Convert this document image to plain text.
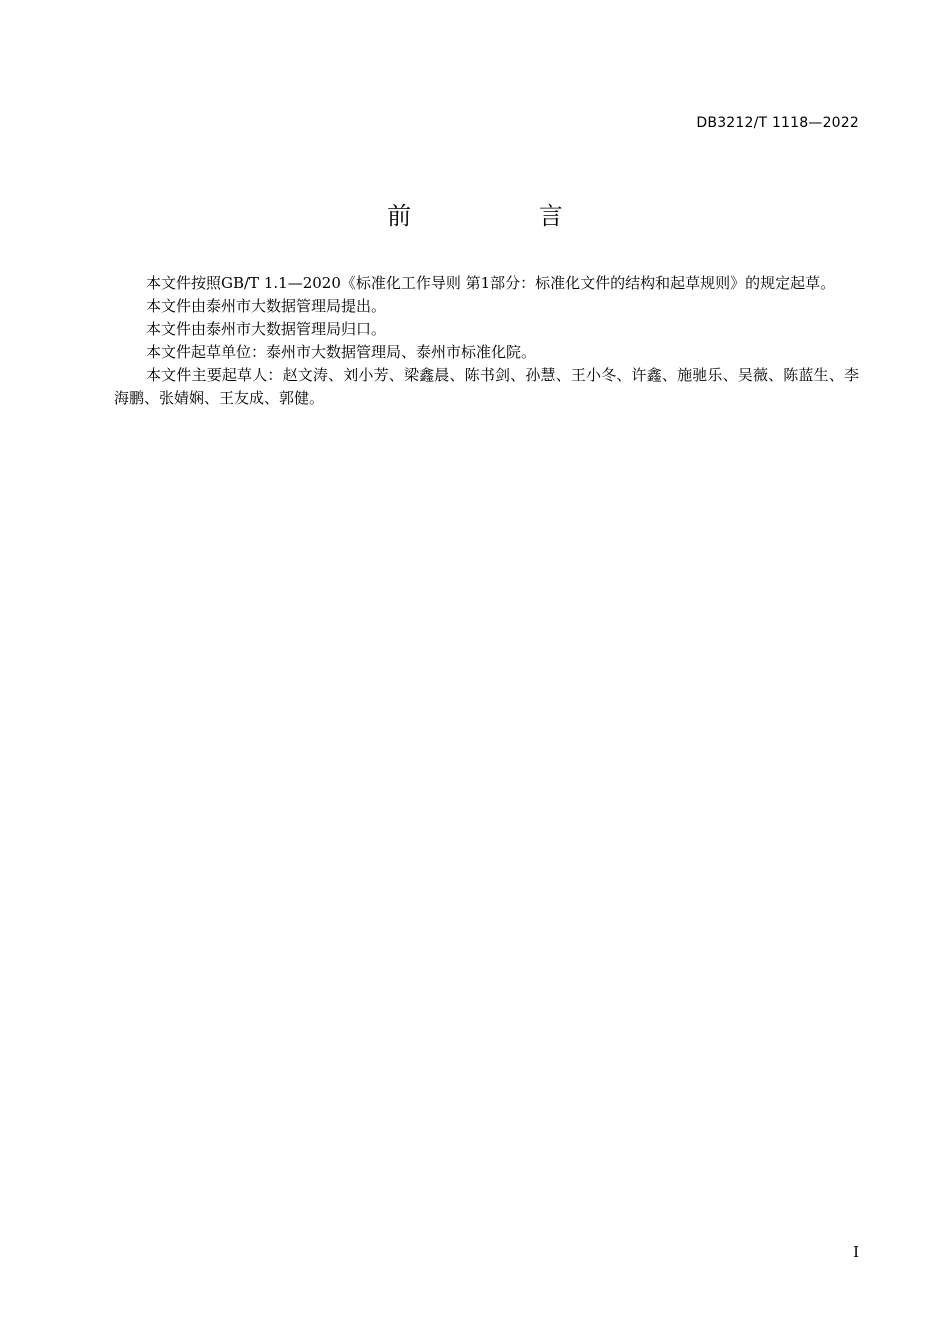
DB3212/T 1118—2022
前 言

本文件按照GB/T 1.1—2020《标准化工作导则 第1部分：标准化文件的结构和起草规则》的规定起草。

本文件由泰州市大数据管理局提出。

本文件由泰州市大数据管理局归口。

本文件起草单位：泰州市大数据管理局、泰州市标准化院。

本文件主要起草人：赵文涛、刘小芳、梁鑫晨、陈书剑、孙慧、王小冬、许鑫、施驰乐、吴薇、陈蓝生、李海鹏、张婧娴、王友成、郭健。

I
